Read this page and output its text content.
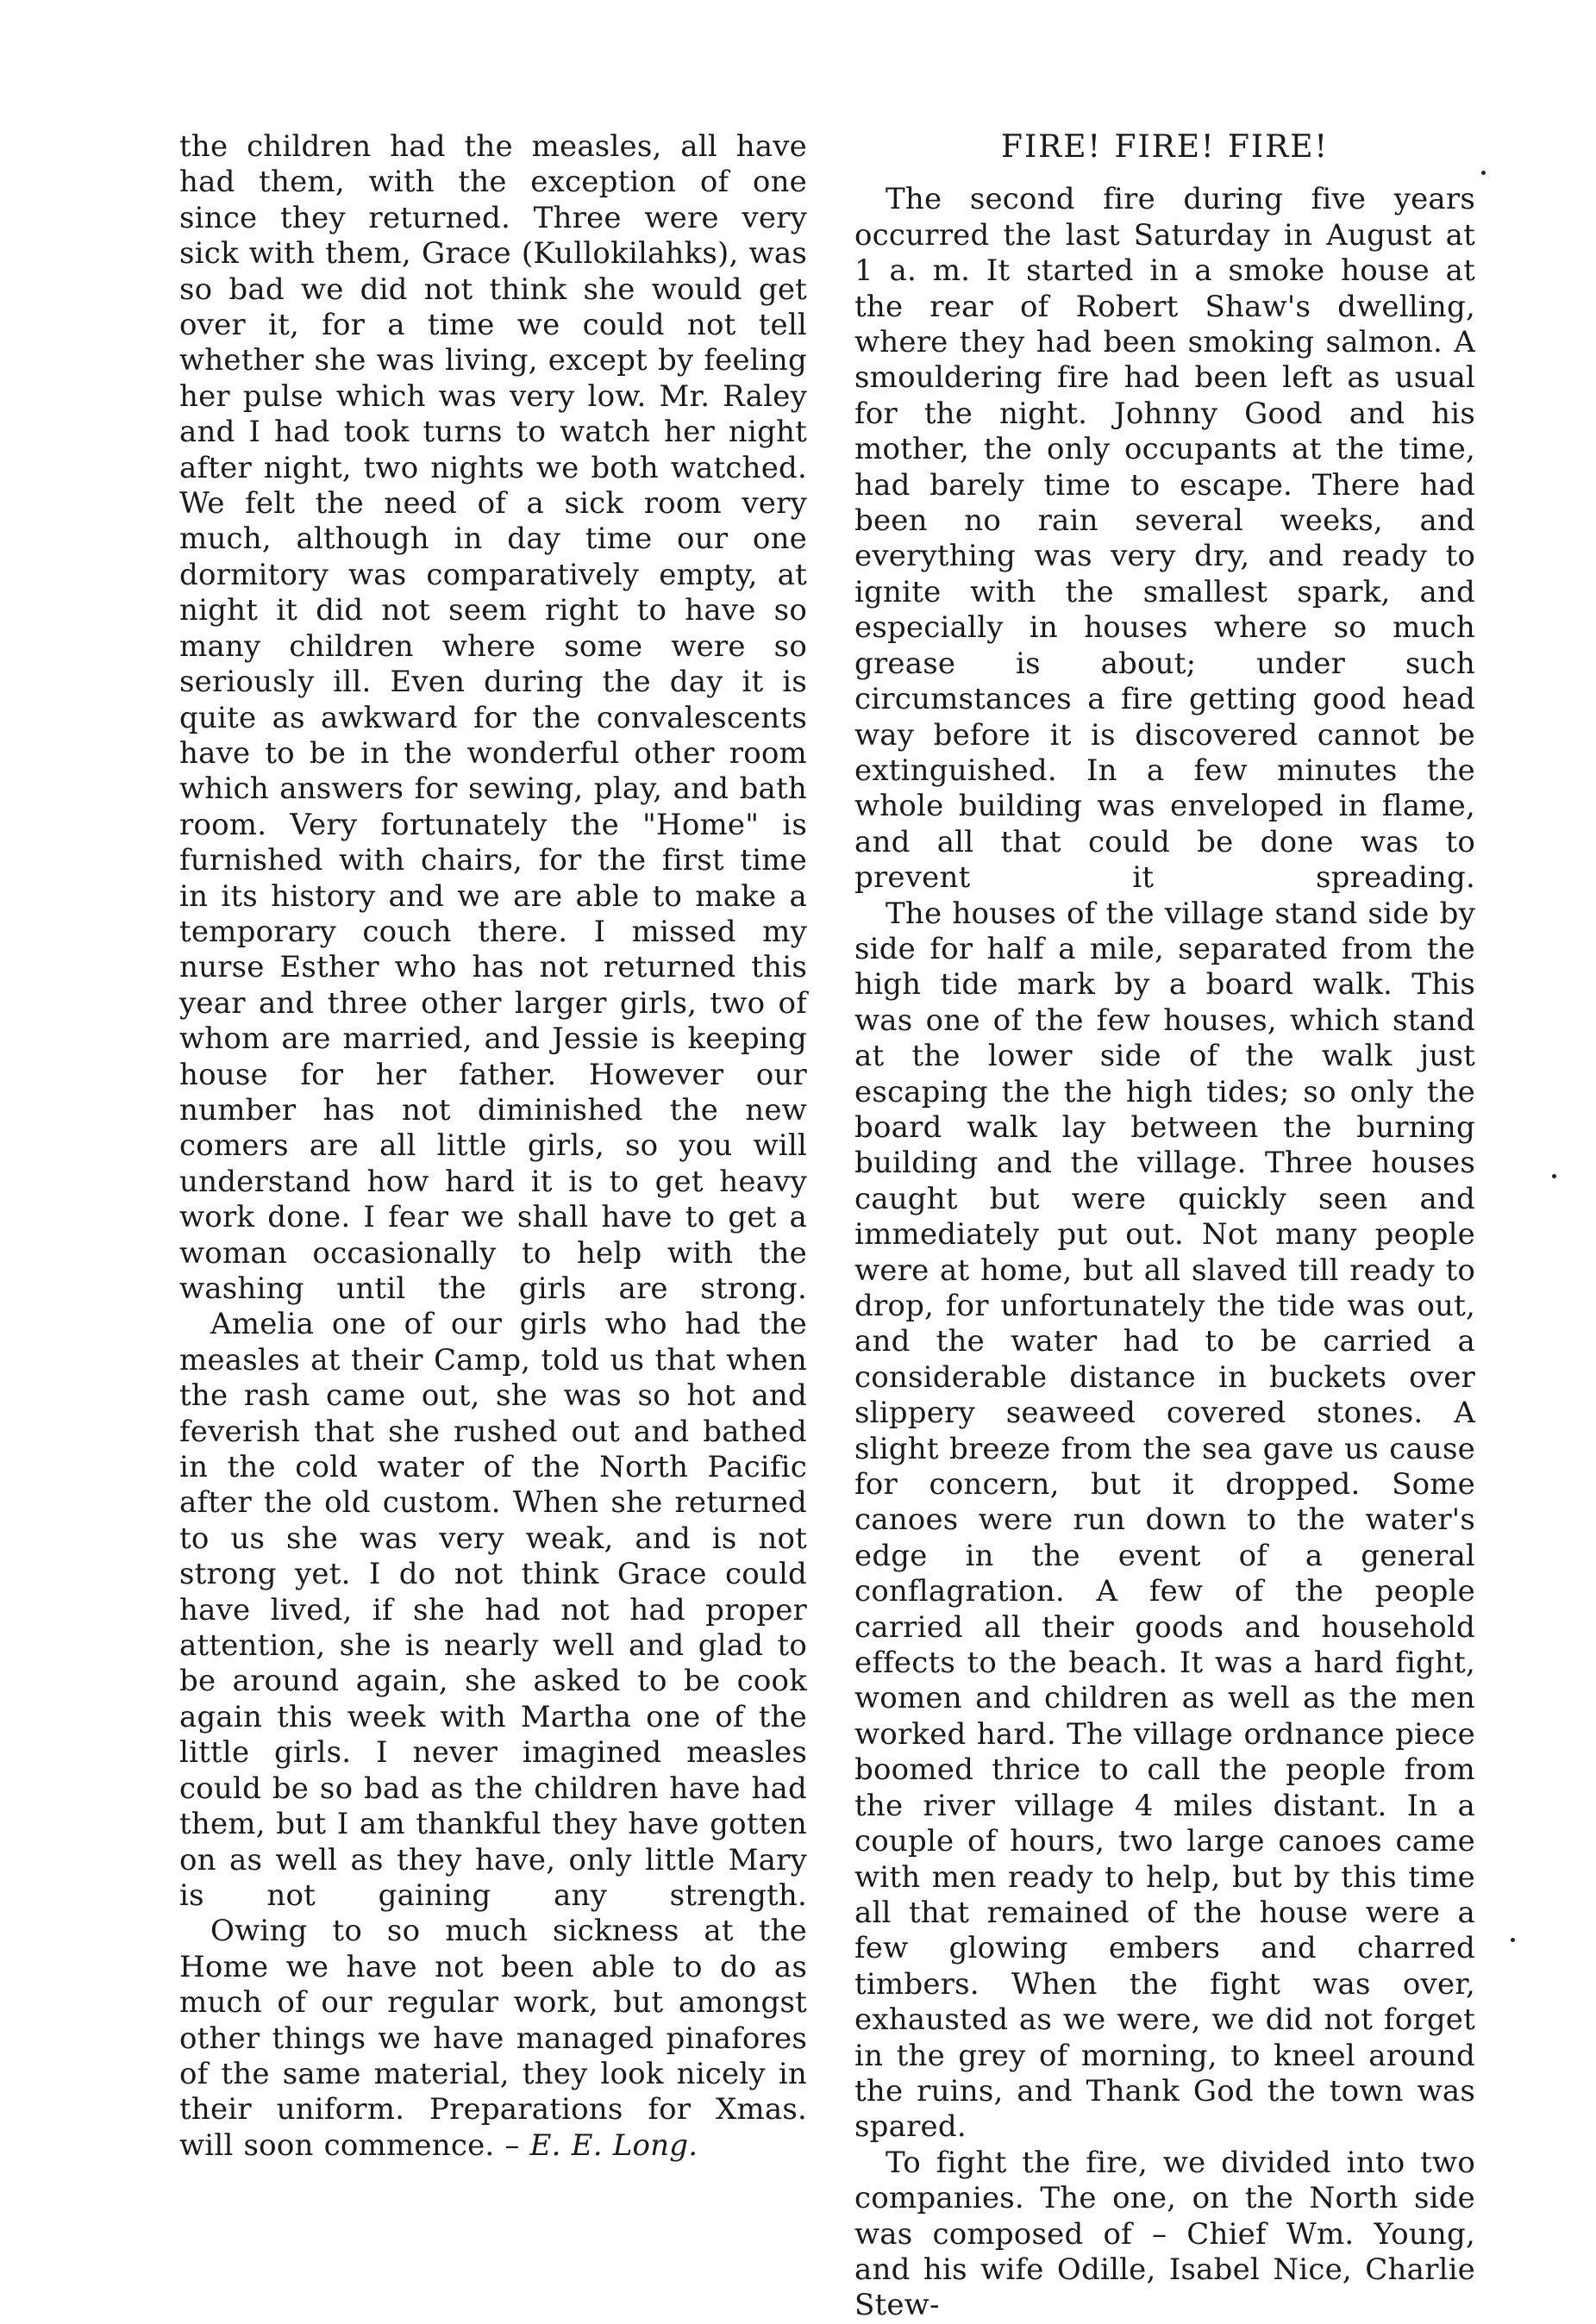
the children had the measles, all have had them, with the exception of one since they returned. Three were very sick with them, Grace (Kullokilahks), was so bad we did not think she would get over it, for a time we could not tell whether she was living, except by feeling her pulse which was very low. Mr. Raley and I had took turns to watch her night after night, two nights we both watched. We felt the need of a sick room very much, although in day time our one dormitory was comparatively empty, at night it did not seem right to have so many children where some were so seriously ill. Even during the day it is quite as awkward for the convalescents have to be in the wonderful other room which answers for sewing, play, and bath room. Very fortunately the "Home" is furnished with chairs, for the first time in its history and we are able to make a temporary couch there. I missed my nurse Esther who has not returned this year and three other larger girls, two of whom are married, and Jessie is keeping house for her father. However our number has not diminished the new comers are all little girls, so you will understand how hard it is to get heavy work done. I fear we shall have to get a woman occasionally to help with the washing until the girls are strong.

Amelia one of our girls who had the measles at their Camp, told us that when the rash came out, she was so hot and feverish that she rushed out and bathed in the cold water of the North Pacific after the old custom. When she returned to us she was very weak, and is not strong yet. I do not think Grace could have lived, if she had not had proper attention, she is nearly well and glad to be around again, she asked to be cook again this week with Martha one of the little girls. I never imagined measles could be so bad as the children have had them, but I am thankful they have gotten on as well as they have, only little Mary is not gaining any strength.

Owing to so much sickness at the Home we have not been able to do as much of our regular work, but amongst other things we have managed pinafores of the same material, they look nicely in their uniform. Preparations for Xmas. will soon commence. – E. E. Long.

FIRE! FIRE! FIRE!

The second fire during five years occurred the last Saturday in August at 1 a. m. It started in a smoke house at the rear of Robert Shaw's dwelling, where they had been smoking salmon. A smouldering fire had been left as usual for the night. Johnny Good and his mother, the only occupants at the time, had barely time to escape. There had been no rain several weeks, and everything was very dry, and ready to ignite with the smallest spark, and especially in houses where so much grease is about; under such circumstances a fire getting good head way before it is discovered cannot be extinguished. In a few minutes the whole building was enveloped in flame, and all that could be done was to prevent it spreading.

The houses of the village stand side by side for half a mile, separated from the high tide mark by a board walk. This was one of the few houses, which stand at the lower side of the walk just escaping the the high tides; so only the board walk lay between the burning building and the village. Three houses caught but were quickly seen and immediately put out. Not many people were at home, but all slaved till ready to drop, for unfortunately the tide was out, and the water had to be carried a considerable distance in buckets over slippery seaweed covered stones. A slight breeze from the sea gave us cause for concern, but it dropped. Some canoes were run down to the water's edge in the event of a general conflagration. A few of the people carried all their goods and household effects to the beach. It was a hard fight, women and children as well as the men worked hard. The village ordnance piece boomed thrice to call the people from the river village 4 miles distant. In a couple of hours, two large canoes came with men ready to help, but by this time all that remained of the house were a few glowing embers and charred timbers. When the fight was over, exhausted as we were, we did not forget in the grey of morning, to kneel around the ruins, and Thank God the town was spared.

To fight the fire, we divided into two companies. The one, on the North side was composed of – Chief Wm. Young, and his wife Odille, Isabel Nice, Charlie Stew-
